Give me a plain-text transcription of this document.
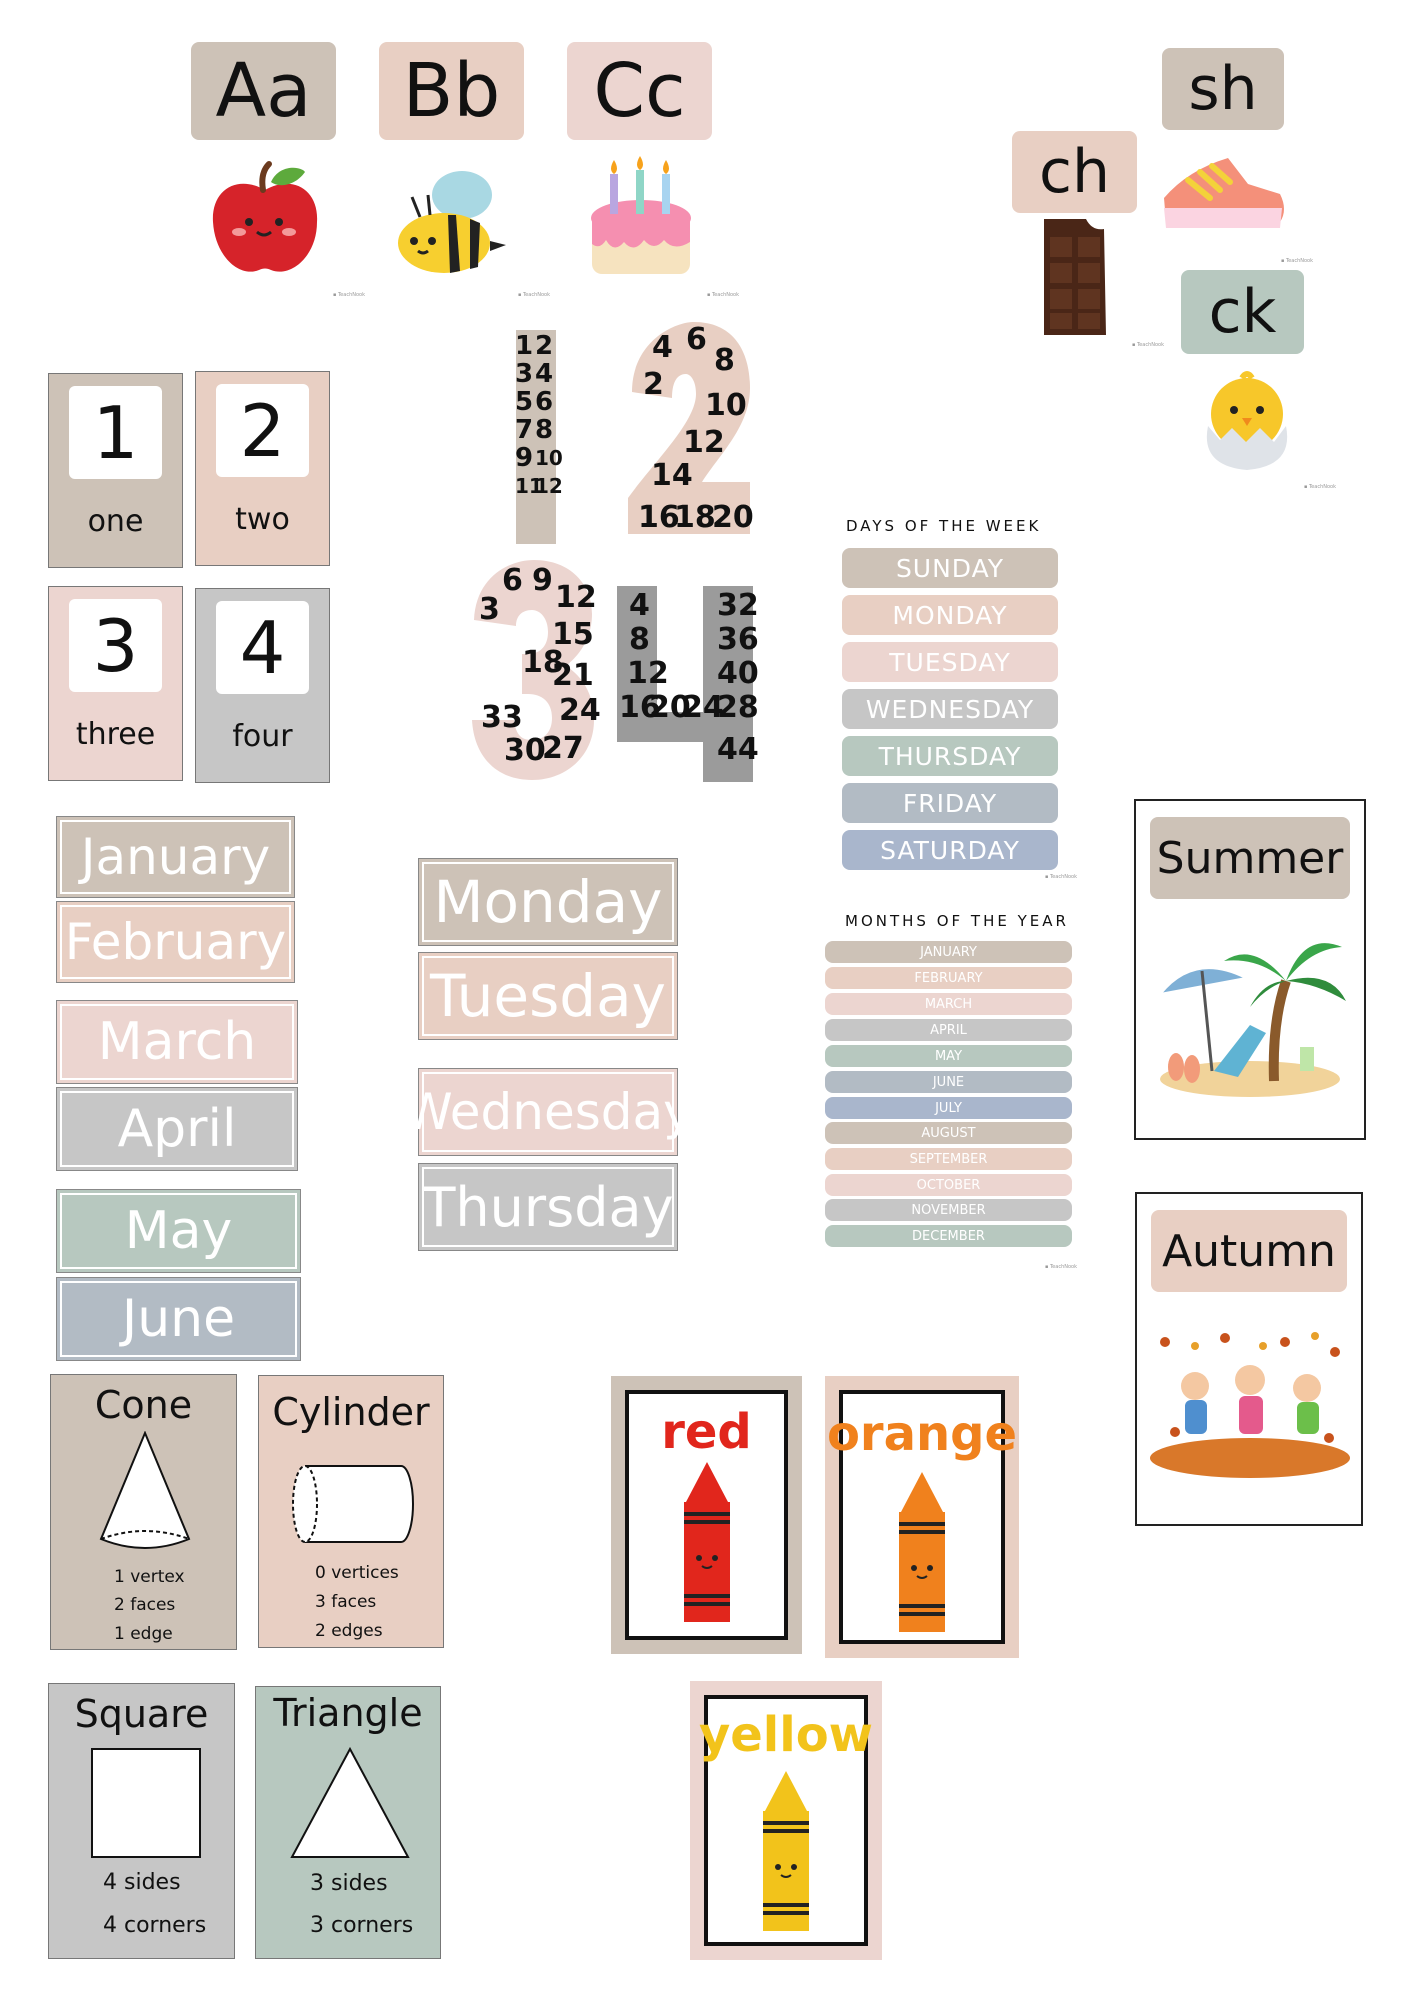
Aa	Bb	Cc
▪ TeachNook	▪ TeachNook	▪ TeachNook
ch
sh
ck
▪ TeachNook
▪ TeachNook
▪ TeachNook
1
one
2
two
3
three
4
four
1 2
3 4
5 6
7 8
9 10
11
12
4 6
8
2
10
12
14
16
18
20
6 9 12
3
15
18
21
24
33
30
27
4
8
12
16
20
24
28
32
36
40
44
January
February
March
April
May
June
Monday
Tuesday
Wednesday
Thursday
DAYS OF THE WEEK
SUNDAY
MONDAY
TUESDAY
WEDNESDAY
THURSDAY
FRIDAY
SATURDAY
▪ TeachNook
MONTHS OF THE YEAR
JANUARY
FEBRUARY
MARCH
APRIL
MAY
JUNE
JULY
AUGUST
SEPTEMBER
OCTOBER
NOVEMBER
DECEMBER
▪ TeachNook
Summer
Autumn
Cone
1 vertex
2 faces
1 edge
Cylinder
0 vertices
3 faces
2 edges
Square
4 sides
4 corners
Triangle
3 sides
3 corners
red	orange
yellow
